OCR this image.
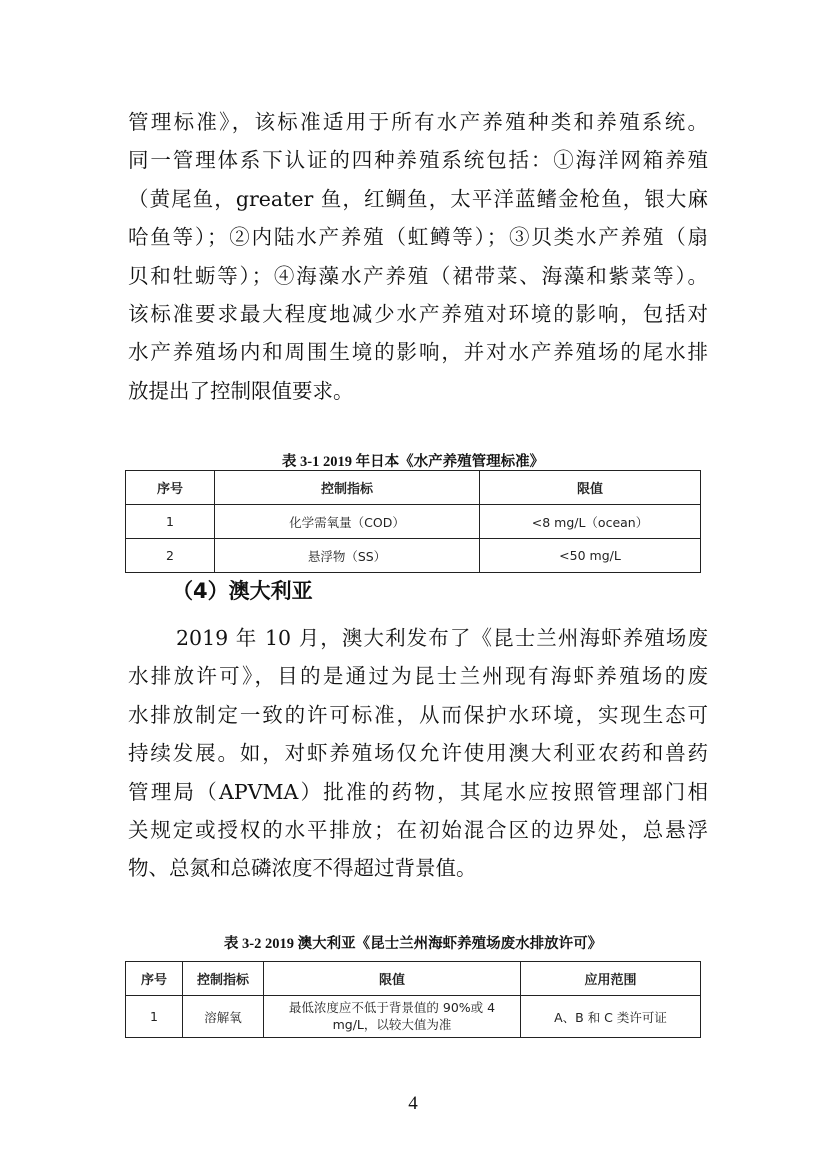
管理标准》，该标准适用于所有水产养殖种类和养殖系统。
同一管理体系下认证的四种养殖系统包括：①海洋网箱养殖
（黄尾鱼，greater 鱼，红鲷鱼，太平洋蓝鳍金枪鱼，银大麻
哈鱼等）；②内陆水产养殖（虹鳟等）；③贝类水产养殖（扇
贝和牡蛎等）；④海藻水产养殖（裙带菜、海藻和紫菜等）。
该标准要求最大程度地减少水产养殖对环境的影响，包括对
水产养殖场内和周围生境的影响，并对水产养殖场的尾水排
放提出了控制限值要求。
表 3-1 2019 年日本《水产养殖管理标准》
序号	控制指标	限值
1	化学需氧量（COD）	<8 mg/L（ocean）
2	悬浮物（SS）	<50 mg/L
（4）澳大利亚
2019 年 10 月，澳大利发布了《昆士兰州海虾养殖场废
水排放许可》，目的是通过为昆士兰州现有海虾养殖场的废
水排放制定一致的许可标准，从而保护水环境，实现生态可
持续发展。如，对虾养殖场仅允许使用澳大利亚农药和兽药
管理局（APVMA）批准的药物，其尾水应按照管理部门相
关规定或授权的水平排放；在初始混合区的边界处，总悬浮
物、总氮和总磷浓度不得超过背景值。
表 3-2 2019 澳大利亚《昆士兰州海虾养殖场废水排放许可》
序号	控制指标	限值	应用范围
1	溶解氧	最低浓度应不低于背景值的 90%或 4 mg/L，以较大值为准	A、B 和 C 类许可证
4
